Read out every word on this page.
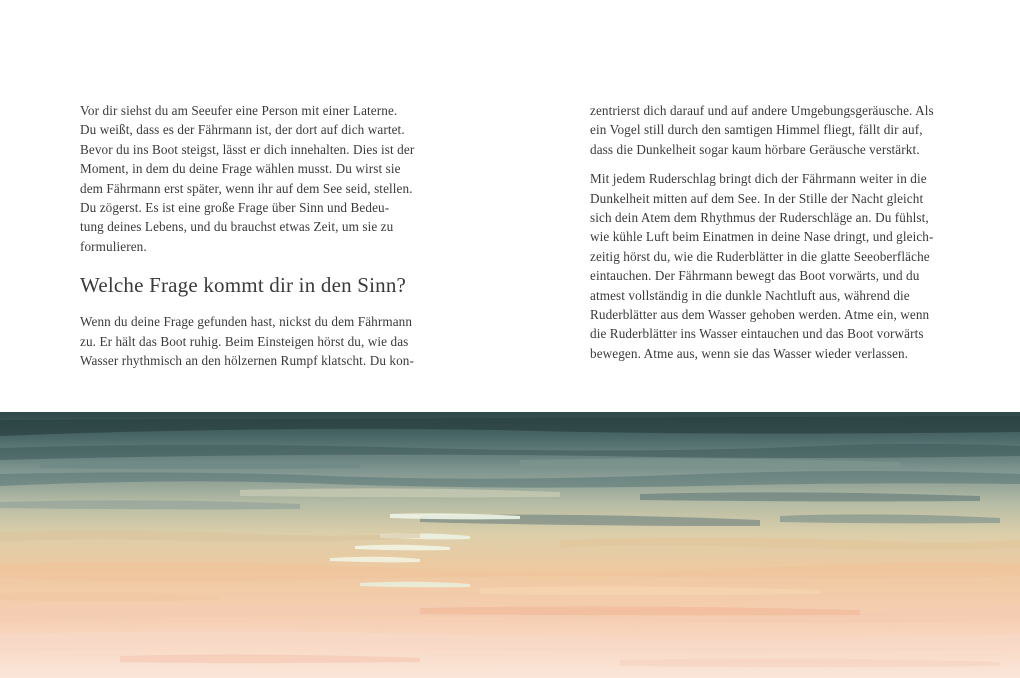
Vor dir siehst du am Seeufer eine Person mit einer Laterne.
Du weißt, dass es der Fährmann ist, der dort auf dich wartet.
Bevor du ins Boot steigst, lässt er dich innehalten. Dies ist der
Moment, in dem du deine Frage wählen musst. Du wirst sie
dem Fährmann erst später, wenn ihr auf dem See seid, stellen.
Du zögerst. Es ist eine große Frage über Sinn und Bedeu-
tung deines Lebens, und du brauchst etwas Zeit, um sie zu
formulieren.

Welche Frage kommt dir in den Sinn?

Wenn du deine Frage gefunden hast, nickst du dem Fährmann
zu. Er hält das Boot ruhig. Beim Einsteigen hörst du, wie das
Wasser rhythmisch an den hölzernen Rumpf klatscht. Du kon-

zentrierst dich darauf und auf andere Umgebungsgeräusche. Als
ein Vogel still durch den samtigen Himmel fliegt, fällt dir auf,
dass die Dunkelheit sogar kaum hörbare Geräusche verstärkt.

Mit jedem Ruderschlag bringt dich der Fährmann weiter in die
Dunkelheit mitten auf dem See. In der Stille der Nacht gleicht
sich dein Atem dem Rhythmus der Ruderschläge an. Du fühlst,
wie kühle Luft beim Einatmen in deine Nase dringt, und gleich-
zeitig hörst du, wie die Ruderblätter in die glatte Seeoberfläche
eintauchen. Der Fährmann bewegt das Boot vorwärts, und du
atmest vollständig in die dunkle Nachtluft aus, während die
Ruderblätter aus dem Wasser gehoben werden. Atme ein, wenn
die Ruderblätter ins Wasser eintauchen und das Boot vorwärts
bewegen. Atme aus, wenn sie das Wasser wieder verlassen.
